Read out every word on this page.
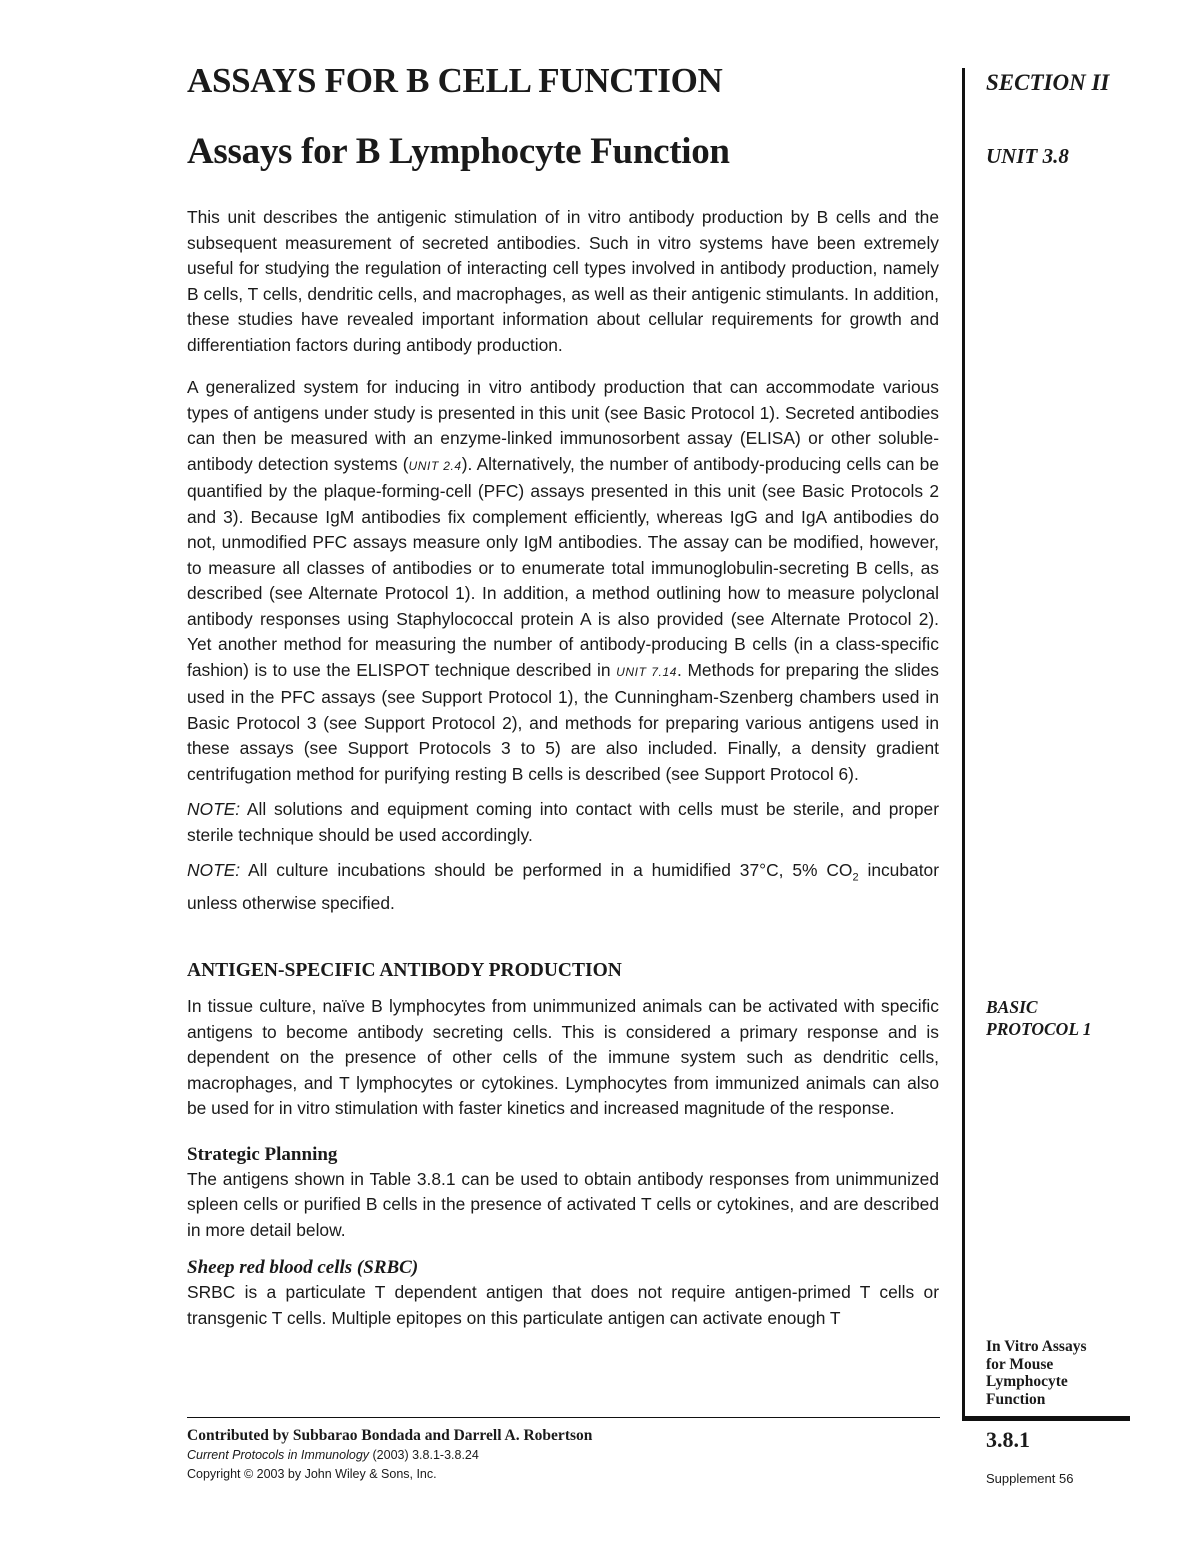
ASSAYS FOR B CELL FUNCTION
Assays for B Lymphocyte Function

This unit describes the antigenic stimulation of in vitro antibody production by B cells and the subsequent measurement of secreted antibodies. Such in vitro systems have been extremely useful for studying the regulation of interacting cell types involved in antibody production, namely B cells, T cells, dendritic cells, and macrophages, as well as their antigenic stimulants. In addition, these studies have revealed important information about cellular requirements for growth and differentiation factors during antibody production.

A generalized system for inducing in vitro antibody production that can accommodate various types of antigens under study is presented in this unit (see Basic Protocol 1). Secreted antibodies can then be measured with an enzyme-linked immunosorbent assay (ELISA) or other soluble-antibody detection systems (UNIT 2.4). Alternatively, the number of antibody-producing cells can be quantified by the plaque-forming-cell (PFC) assays presented in this unit (see Basic Protocols 2 and 3). Because IgM antibodies fix complement efficiently, whereas IgG and IgA antibodies do not, unmodified PFC assays measure only IgM antibodies. The assay can be modified, however, to measure all classes of antibodies or to enumerate total immunoglobulin-secreting B cells, as described (see Alternate Protocol 1). In addition, a method outlining how to measure polyclonal antibody responses using Staphylococcal protein A is also provided (see Alternate Protocol 2). Yet another method for measuring the number of antibody-producing B cells (in a class-specific fashion) is to use the ELISPOT technique described in UNIT 7.14. Methods for preparing the slides used in the PFC assays (see Support Protocol 1), the Cunningham-Szenberg chambers used in Basic Protocol 3 (see Support Protocol 2), and methods for preparing various antigens used in these assays (see Support Protocols 3 to 5) are also included. Finally, a density gradient centrifugation method for purifying resting B cells is described (see Support Protocol 6).

NOTE: All solutions and equipment coming into contact with cells must be sterile, and proper sterile technique should be used accordingly.

NOTE: All culture incubations should be performed in a humidified 37°C, 5% $CO_2$ incubator unless otherwise specified.

ANTIGEN-SPECIFIC ANTIBODY PRODUCTION

In tissue culture, naïve B lymphocytes from unimmunized animals can be activated with specific antigens to become antibody secreting cells. This is considered a primary response and is dependent on the presence of other cells of the immune system such as dendritic cells, macrophages, and T lymphocytes or cytokines. Lymphocytes from immunized animals can also be used for in vitro stimulation with faster kinetics and increased magnitude of the response.

Strategic Planning

The antigens shown in Table 3.8.1 can be used to obtain antibody responses from unimmunized spleen cells or purified B cells in the presence of activated T cells or cytokines, and are described in more detail below.

Sheep red blood cells (SRBC)

SRBC is a particulate T dependent antigen that does not require antigen-primed T cells or transgenic T cells. Multiple epitopes on this particulate antigen can activate enough T

SECTION II
UNIT 3.8
BASIC
PROTOCOL 1
In Vitro Assays
for Mouse
Lymphocyte
Function
3.8.1
Supplement 56
Contributed by Subbarao Bondada and Darrell A. Robertson
Current Protocols in Immunology (2003) 3.8.1-3.8.24
Copyright © 2003 by John Wiley & Sons, Inc.
